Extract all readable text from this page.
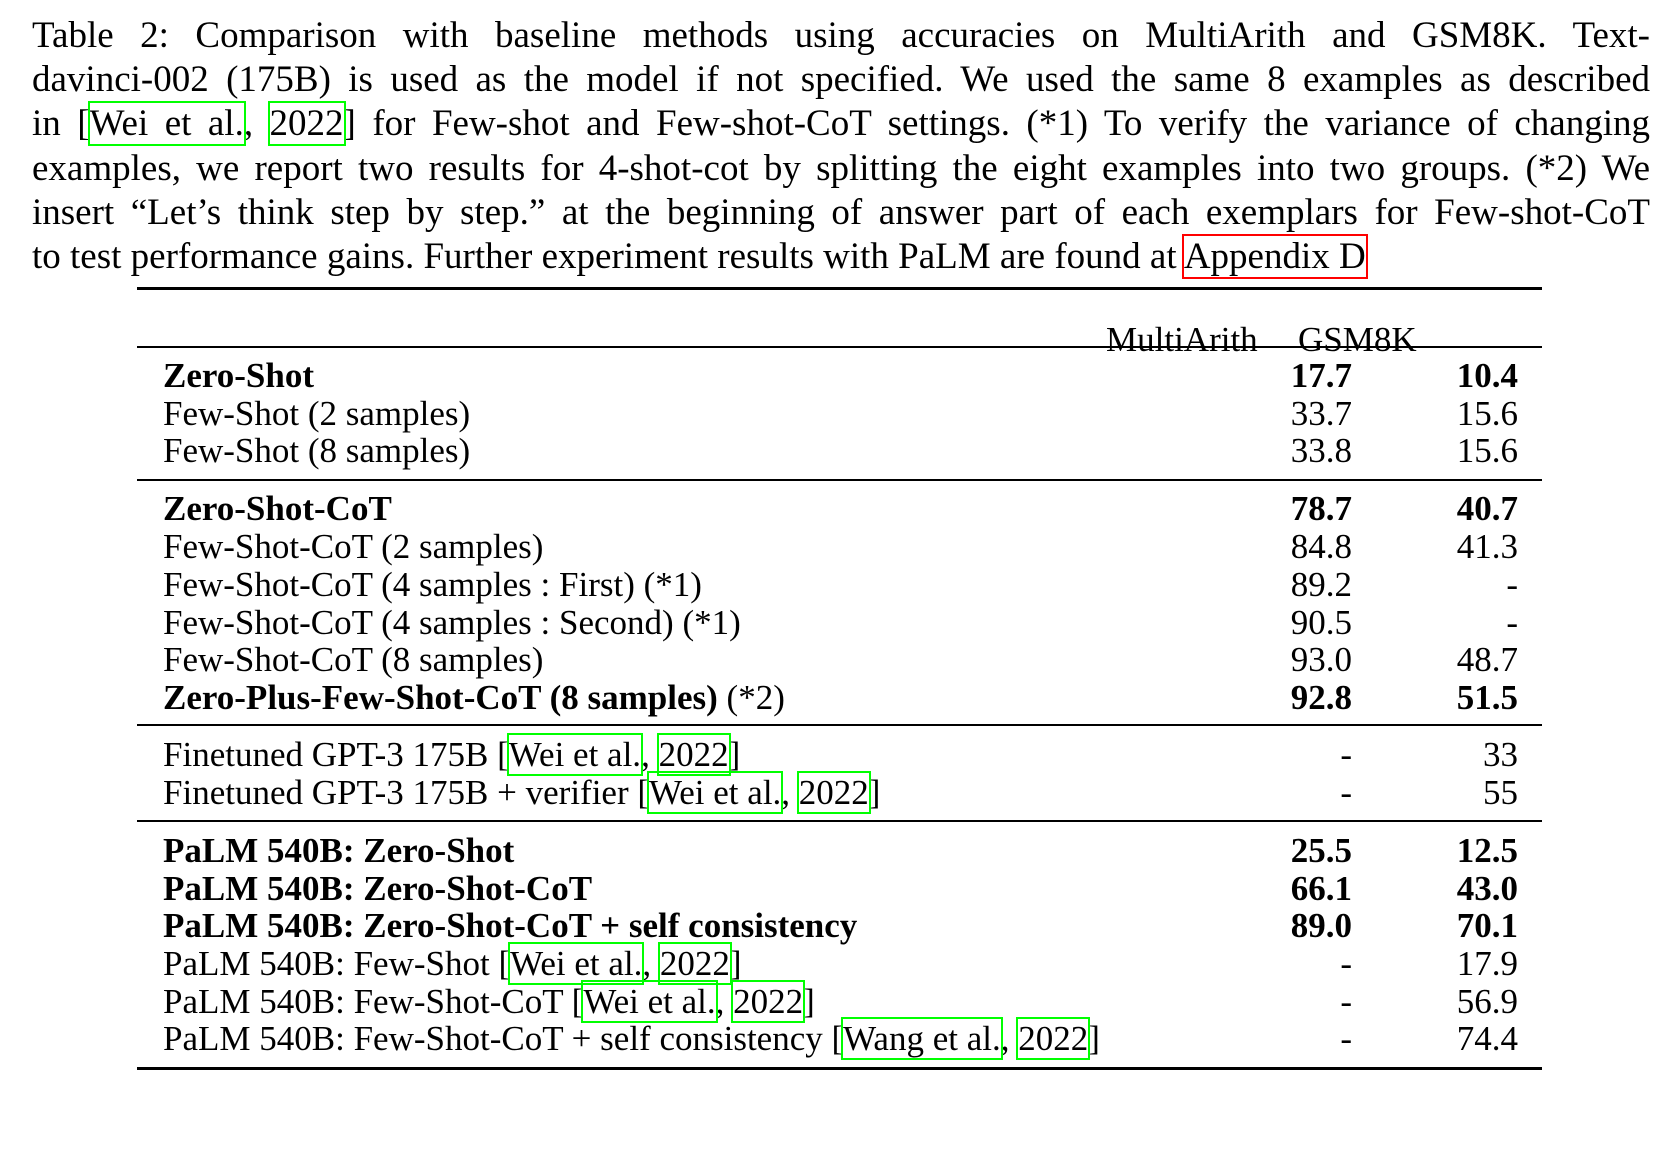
Table 2: Comparison with baseline methods using accuracies on MultiArith and GSM8K. Text-
davinci-002 (175B) is used as the model if not specified. We used the same 8 examples as described
in [Wei et al., 2022] for Few-shot and Few-shot-CoT settings. (*1) To verify the variance of changing
examples, we report two results for 4-shot-cot by splitting the eight examples into two groups. (*2) We
insert “Let’s think step by step.” at the beginning of answer part of each exemplars for Few-shot-CoT
to test performance gains. Further experiment results with PaLM are found at Appendix D
MultiArith GSM8K
Zero-Shot	17.7	10.4
Few-Shot (2 samples)	33.7	15.6
Few-Shot (8 samples)	33.8	15.6
Zero-Shot-CoT	78.7	40.7
Few-Shot-CoT (2 samples)	84.8	41.3
Few-Shot-CoT (4 samples : First) (*1)	89.2	-
Few-Shot-CoT (4 samples : Second) (*1)	90.5	-
Few-Shot-CoT (8 samples)	93.0	48.7
Zero-Plus-Few-Shot-CoT (8 samples) (*2)	92.8	51.5
Finetuned GPT-3 175B [Wei et al., 2022]	-	33
Finetuned GPT-3 175B + verifier [Wei et al., 2022]	-	55
PaLM 540B: Zero-Shot	25.5	12.5
PaLM 540B: Zero-Shot-CoT	66.1	43.0
PaLM 540B: Zero-Shot-CoT + self consistency	89.0	70.1
PaLM 540B: Few-Shot [Wei et al., 2022]	-	17.9
PaLM 540B: Few-Shot-CoT [Wei et al., 2022]	-	56.9
PaLM 540B: Few-Shot-CoT + self consistency [Wang et al., 2022]	-	74.4
